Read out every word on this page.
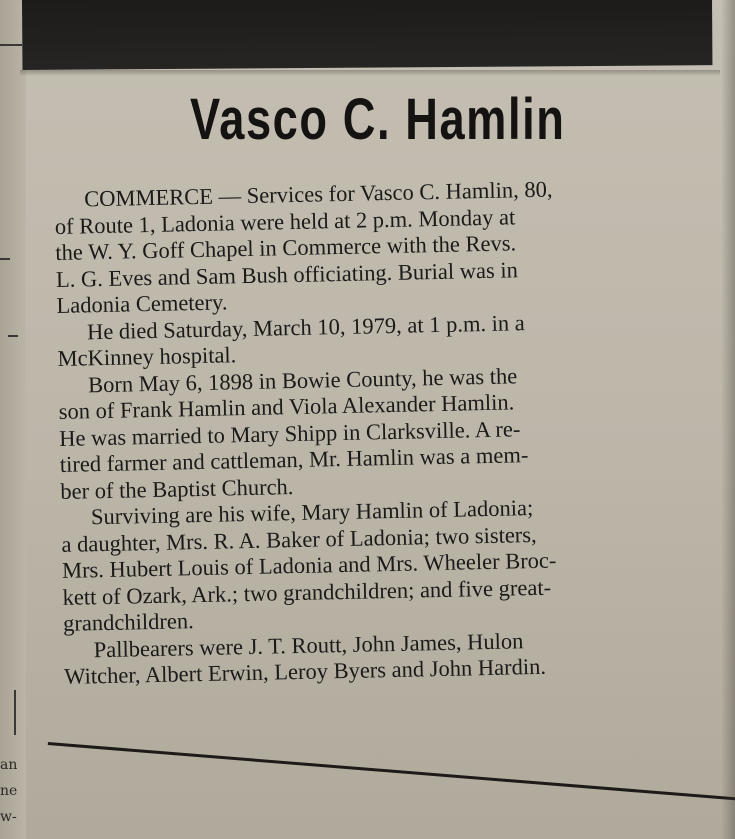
an
ne
w-
Vasco C. Hamlin

COMMERCE — Services for Vasco C. Hamlin, 80,
of Route 1, Ladonia were held at 2 p.m. Monday at
the W. Y. Goff Chapel in Commerce with the Revs.
L. G. Eves and Sam Bush officiating. Burial was in
Ladonia Cemetery.

He died Saturday, March 10, 1979, at 1 p.m. in a
McKinney hospital.

Born May 6, 1898 in Bowie County, he was the
son of Frank Hamlin and Viola Alexander Hamlin.
He was married to Mary Shipp in Clarksville. A re-
tired farmer and cattleman, Mr. Hamlin was a mem-
ber of the Baptist Church.

Surviving are his wife, Mary Hamlin of Ladonia;
a daughter, Mrs. R. A. Baker of Ladonia; two sisters,
Mrs. Hubert Louis of Ladonia and Mrs. Wheeler Broc-
kett of Ozark, Ark.; two grandchildren; and five great-
grandchildren.

Pallbearers were J. T. Routt, John James, Hulon
Witcher, Albert Erwin, Leroy Byers and John Hardin.
